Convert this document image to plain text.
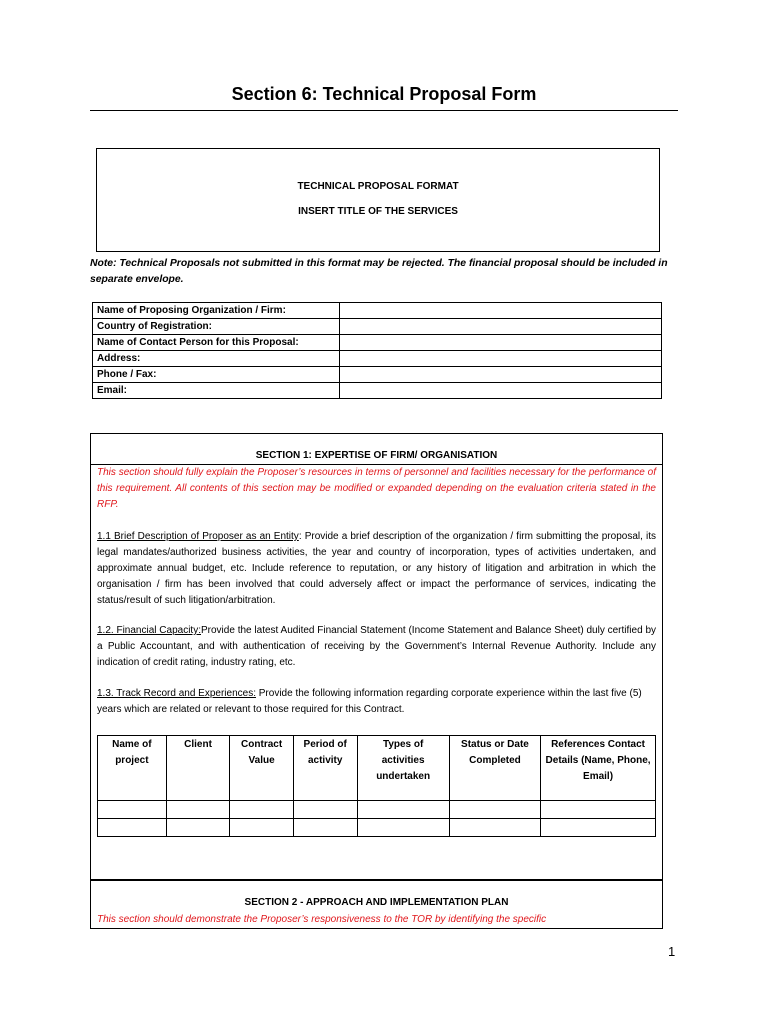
Section 6: Technical Proposal Form
TECHNICAL PROPOSAL FORMAT
INSERT TITLE OF THE SERVICES
Note: Technical Proposals not submitted in this format may be rejected. The financial proposal should be included in separate envelope.
Name of Proposing Organization / Firm:	
Country of Registration:	
Name of Contact Person for this Proposal:	
Address:	
Phone / Fax:	
Email:	
SECTION 1: EXPERTISE OF FIRM/ ORGANISATION
This section should fully explain the Proposer’s resources in terms of personnel and facilities necessary for the performance of this requirement. All contents of this section may be modified or expanded depending on the evaluation criteria stated in the RFP.
1.1 Brief Description of Proposer as an Entity: Provide a brief description of the organization / firm submitting the proposal, its legal mandates/authorized business activities, the year and country of incorporation, types of activities undertaken, and approximate annual budget, etc. Include reference to reputation, or any history of litigation and arbitration in which the organisation / firm has been involved that could adversely affect or impact the performance of services, indicating the status/result of such litigation/arbitration.
1.2. Financial Capacity:Provide the latest Audited Financial Statement (Income Statement and Balance Sheet) duly certified by a Public Accountant, and with authentication of receiving by the Government’s Internal Revenue Authority. Include any indication of credit rating, industry rating, etc.
1.3. Track Record and Experiences: Provide the following information regarding corporate experience within the last five (5) years which are related or relevant to those required for this Contract.
Name of project	Client	Contract Value	Period of activity	Types of activities undertaken	Status or Date Completed	References Contact Details (Name, Phone, Email)

SECTION 2 - APPROACH AND IMPLEMENTATION PLAN
This section should demonstrate the Proposer’s responsiveness to the TOR by identifying the specific
1
